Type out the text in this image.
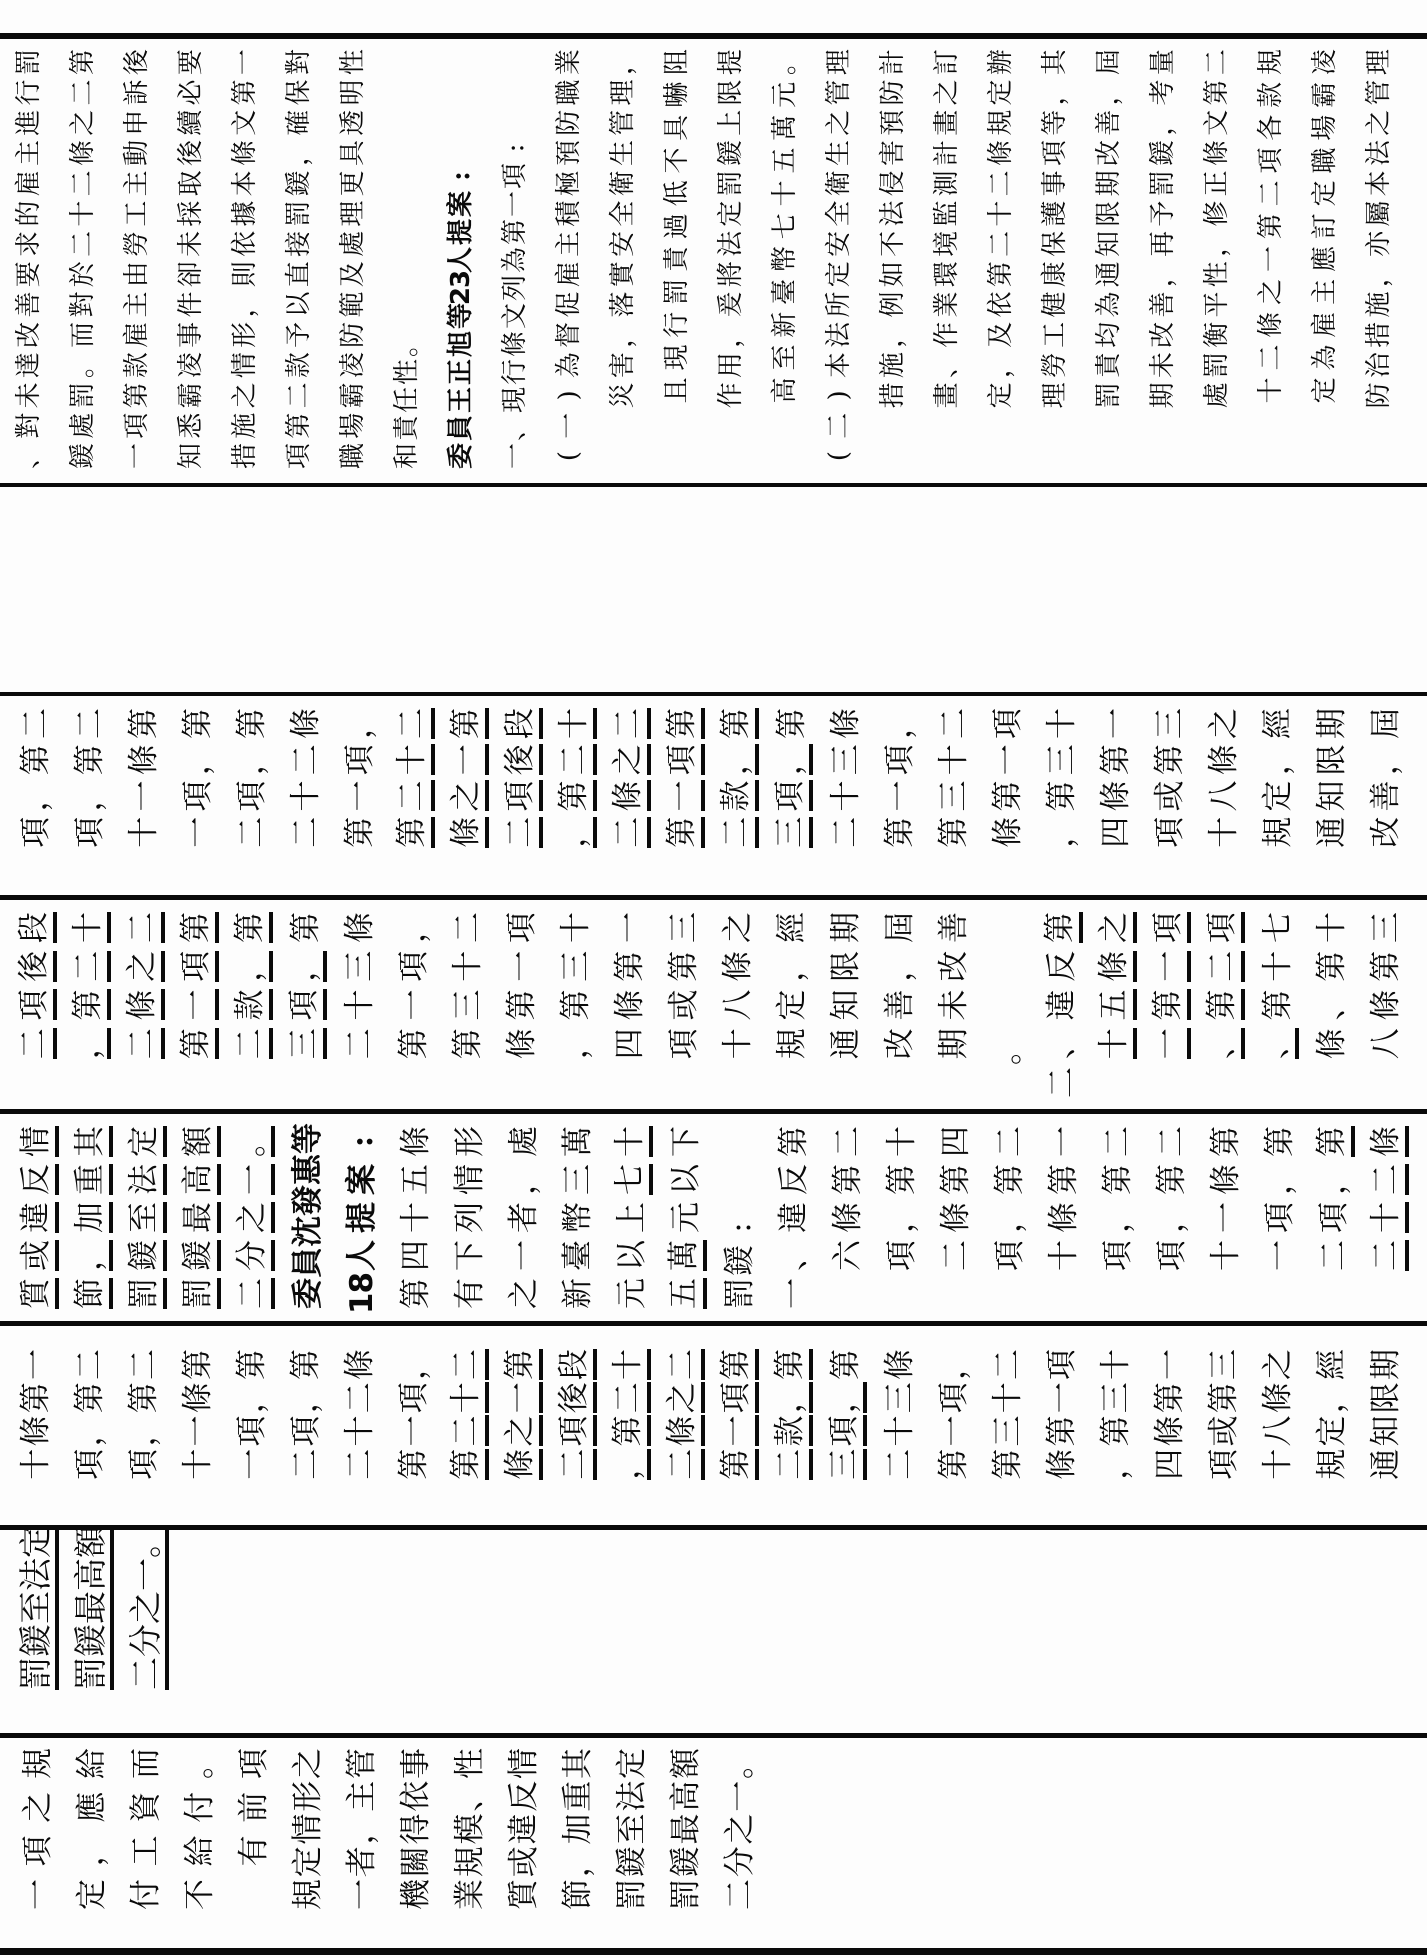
、
對
未
達
改
善
要
求
的
雇
主
進
行
罰
鍰
處
罰
。
而
對
於
二
十
二
條
之
二
第
一
項
第
款
雇
主
由
勞
工
主
動
申
訴
後
知
悉
霸
凌
事
件
卻
未
採
取
後
續
必
要
措
施
之
情
形
，
則
依
據
本
條
文
第
一
項
第
二
款
予
以
直
接
罰
鍰
，
確
保
對
職
場
霸
凌
防
範
及
處
理
更
具
透
明
性
和
責
任
性
。
委
員
王
正
旭
等
23
人
提
案
:
一
、
現
行
條
文
列
為
第
一
項
:
(
一
)
為
督
促
雇
主
積
極
預
防
職
業
災
害
，
落
實
安
全
衛
生
管
理
，
且
現
行
罰
責
過
低
不
具
嚇
阻
作
用
，
爰
將
法
定
罰
鍰
上
限
提
高
至
新
臺
幣
七
十
五
萬
元
。
(
二
)
本
法
所
定
安
全
衛
生
之
管
理
措
施
，
例
如
不
法
侵
害
預
防
計
畫
、
作
業
環
境
監
測
計
畫
之
訂
定
，
及
依
第
二
十
二
條
規
定
辦
理
勞
工
健
康
保
護
事
項
等
，
其
罰
責
均
為
通
知
限
期
改
善
，
屆
期
未
改
善
，
再
予
罰
鍰
，
考
量
處
罰
衡
平
性
，
修
正
條
文
第
二
十
二
條
之
一
第
二
項
各
款
規
定
為
雇
主
應
訂
定
職
場
霸
凌
防
治
措
施
，
亦
屬
本
法
之
管
理
項
，
第
二
項
，
第
二
十
一
條
第
一
項
，
第
二
項
，
第
二
十
二
條
第
一
項
，
第
二
十
二
條
之
一
第
二
項
後
段
，
第
二
十
二
條
之
二
第
一
項
第
二
款
，
第
三
項
，
第
二
十
三
條
第
一
項
，
第
三
十
二
條
第
一
項
，
第
三
十
四
條
第
一
項
或
第
三
十
八
條
之
規
定
，
經
通
知
限
期
改
善
，
屆
二
項
後
段
，
第
二
十
二
條
之
二
第
一
項
第
二
款
，
第
三
項
，
第
二
十
三
條
第
一
項
，
第
三
十
二
條
第
一
項
，
第
三
十
四
條
第
一
項
或
第
三
十
八
條
之
規
定
，
經
通
知
限
期
改
善
，
屆
期
未
改
善
。
二
、
違
反
第
十
五
條
之
一
第
一
項
、
第
二
項
、
第
十
七
條
、
第
十
八
條
第
三
質
或
違
反
情
節
，
加
重
其
罰
鍰
至
法
定
罰
鍰
最
高
額
二
分
之
一
。
委
員
沈
發
惠
等
18
人
提
案
:
第
四
十
五
條
有
下
列
情
形
之
一
者
，
處
新
臺
幣
三
萬
元
以
上
七
十
五
萬
元
以
下
罰
鍰
:
一
、
違
反
第
六
條
第
二
項
，
第
十
二
條
第
四
項
，
第
二
十
條
第
一
項
，
第
二
項
，
第
二
十
一
條
第
一
項
，
第
二
項
，
第
二
十
二
條
十
條
第
一
項
，
第
二
項
，
第
二
十
一
條
第
一
項
，
第
二
項
，
第
二
十
二
條
第
一
項
，
第
二
十
二
條
之
一
第
二
項
後
段
，
第
二
十
二
條
之
二
第
一
項
第
二
款
，
第
三
項
，
第
二
十
三
條
第
一
項
，
第
三
十
二
條
第
一
項
，
第
三
十
四
條
第
一
項
或
第
三
十
八
條
之
規
定
，
經
通
知
限
期
罰
鍰
至
法
定
罰
鍰
最
高
額
二
分
之
一
。
一
項
之
規
定
，
應
給
付
工
資
而
不
給
付
。
有
前
項
規
定
情
形
之
一
者
，
主
管
機
關
得
依
事
業
規
模
、
性
質
或
違
反
情
節
，
加
重
其
罰
鍰
至
法
定
罰
鍰
最
高
額
二
分
之
一
。
